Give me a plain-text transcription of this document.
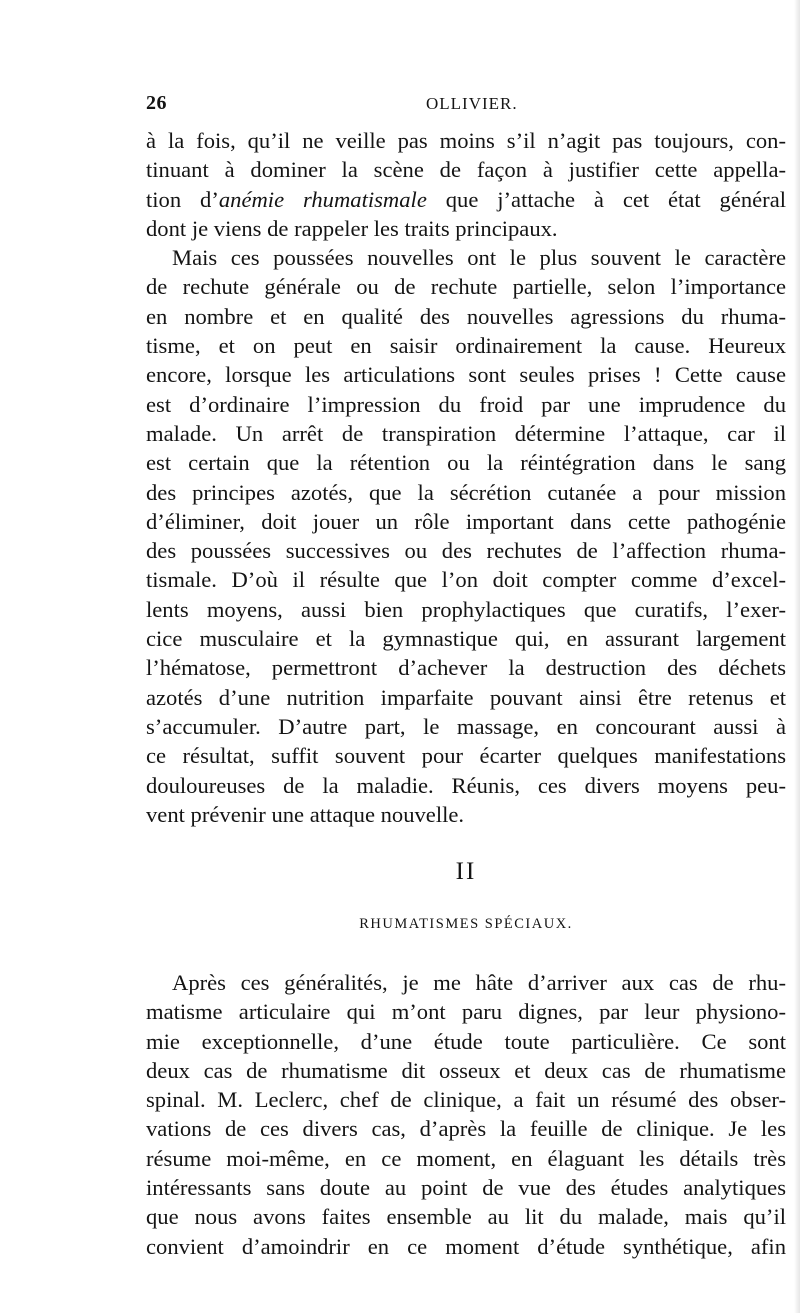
26	OLLIVIER.
à la fois, qu’il ne veille pas moins s’il n’agit pas toujours, con-
tinuant à dominer la scène de façon à justifier cette appella-
tion d’anémie rhumatismale que j’attache à cet état général
dont je viens de rappeler les traits principaux.
Mais ces poussées nouvelles ont le plus souvent le caractère
de rechute générale ou de rechute partielle, selon l’importance
en nombre et en qualité des nouvelles agressions du rhuma-
tisme, et on peut en saisir ordinairement la cause. Heureux
encore, lorsque les articulations sont seules prises ! Cette cause
est d’ordinaire l’impression du froid par une imprudence du
malade. Un arrêt de transpiration détermine l’attaque, car il
est certain que la rétention ou la réintégration dans le sang
des principes azotés, que la sécrétion cutanée a pour mission
d’éliminer, doit jouer un rôle important dans cette pathogénie
des poussées successives ou des rechutes de l’affection rhuma-
tismale. D’où il résulte que l’on doit compter comme d’excel-
lents moyens, aussi bien prophylactiques que curatifs, l’exer-
cice musculaire et la gymnastique qui, en assurant largement
l’hématose, permettront d’achever la destruction des déchets
azotés d’une nutrition imparfaite pouvant ainsi être retenus et
s’accumuler. D’autre part, le massage, en concourant aussi à
ce résultat, suffit souvent pour écarter quelques manifestations
douloureuses de la maladie. Réunis, ces divers moyens peu-
vent prévenir une attaque nouvelle.
II
RHUMATISMES SPÉCIAUX.
Après ces généralités, je me hâte d’arriver aux cas de rhu-
matisme articulaire qui m’ont paru dignes, par leur physiono-
mie exceptionnelle, d’une étude toute particulière. Ce sont
deux cas de rhumatisme dit osseux et deux cas de rhumatisme
spinal. M. Leclerc, chef de clinique, a fait un résumé des obser-
vations de ces divers cas, d’après la feuille de clinique. Je les
résume moi-même, en ce moment, en élaguant les détails très
intéressants sans doute au point de vue des études analytiques
que nous avons faites ensemble au lit du malade, mais qu’il
convient d’amoindrir en ce moment d’étude synthétique, afin
